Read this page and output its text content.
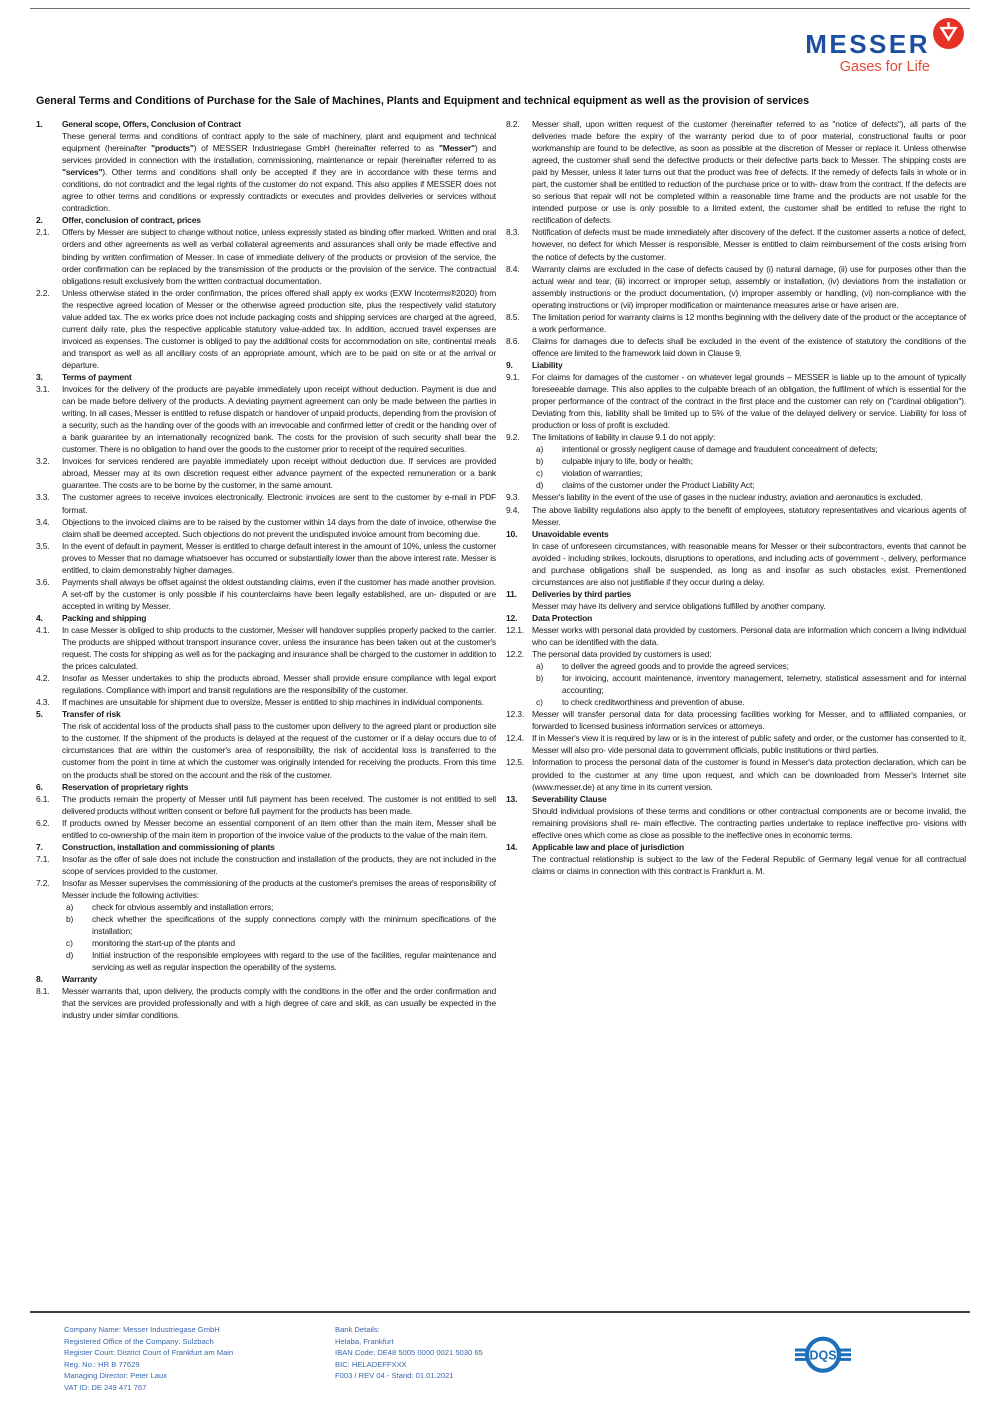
MESSER
Gases for Life
General Terms and Conditions of Purchase for the Sale of Machines, Plants and Equipment and technical equipment as well as the provision of services
1.	General scope, Offers, Conclusion of Contract
These general terms and conditions of contract apply to the sale of machinery, plant and equipment and technical equipment (hereinafter "products") of MESSER Industriegase GmbH (hereinafter referred to as "Messer") and services provided in connection with the installation, commissioning, maintenance or repair (hereinafter referred to as "services"). Other terms and conditions shall only be accepted if they are in accordance with these terms and conditions, do not contradict and the legal rights of the customer do not expand. This also applies if MESSER does not agree to other terms and conditions or expressly contradicts or executes and provides deliveries or services without contradiction.
2.	Offer, conclusion of contract, prices
2.1.	Offers by Messer are subject to change without notice, unless expressly stated as binding offer marked. Written and oral orders and other agreements as well as verbal collateral agreements and assurances shall only be made effective and binding by written confirmation of Messer. In case of immediate delivery of the products or provision of the service, the order confirmation can be replaced by the transmission of the products or the provision of the service. The contractual obligations result exclusively from the written contractual documentation.
2.2.	Unless otherwise stated in the order confirmation, the prices offered shall apply ex works (EXW Incoterms®2020) from the respective agreed location of Messer or the otherwise agreed production site, plus the respectively valid statutory value added tax. The ex works price does not include packaging costs and shipping services are charged at the agreed, current daily rate, plus the respective applicable statutory value-added tax. In addition, accrued travel expenses are invoiced as expenses. The customer is obliged to pay the additional costs for accommodation on site, continental meals and transport as well as all ancillary costs of an appropriate amount, which are to be paid on site or at the arrival or departure.
3.	Terms of payment
3.1.	Invoices for the delivery of the products are payable immediately upon receipt without deduction. Payment is due and can be made before delivery of the products. A deviating payment agreement can only be made between the parties in writing. In all cases, Messer is entitled to refuse dispatch or handover of unpaid products, depending from the provision of a security, such as the handing over of the goods with an irrevocable and confirmed letter of credit or the handing over of a bank guarantee by an internationally recognized bank. The costs for the provision of such security shall bear the customer. There is no obligation to hand over the goods to the customer prior to receipt of the required securities.
3.2.	Invoices for services rendered are payable immediately upon receipt without deduction due. If services are provided abroad, Messer may at its own discretion request either advance payment of the expected remuneration or a bank guarantee. The costs are to be borne by the customer, in the same amount.
3.3.	The customer agrees to receive invoices electronically. Electronic invoices are sent to the customer by e-mail in PDF format.
3.4.	Objections to the invoiced claims are to be raised by the customer within 14 days from the date of invoice, otherwise the claim shall be deemed accepted. Such objections do not prevent the undisputed invoice amount from becoming due.
3.5.	In the event of default in payment, Messer is entitled to charge default interest in the amount of 10%, unless the customer proves to Messer that no damage whatsoever has occurred or substantially lower than the above interest rate. Messer is entitled, to claim demonstrably higher damages.
3.6.	Payments shall always be offset against the oldest outstanding claims, even if the customer has made another provision. A set-off by the customer is only possible if his counterclaims have been legally established, are un- disputed or are accepted in writing by Messer.
4.	Packing and shipping
4.1.	In case Messer is obliged to ship products to the customer, Messer will handover supplies properly packed to the carrier. The products are shipped without transport insurance cover, unless the insurance has been taken out at the customer's request. The costs for shipping as well as for the packaging and insurance shall be charged to the customer in addition to the prices calculated.
4.2.	Insofar as Messer undertakes to ship the products abroad, Messer shall provide ensure compliance with legal export regulations. Compliance with import and transit regulations are the responsibility of the customer.
4.3.	If machines are unsuitable for shipment due to oversize, Messer is entitled to ship machines in individual components.
5.	Transfer of risk
The risk of accidental loss of the products shall pass to the customer upon delivery to the agreed plant or production site to the customer. If the shipment of the products is delayed at the request of the customer or if a delay occurs due to of circumstances that are within the customer's area of responsibility, the risk of accidental loss is transferred to the customer from the point in time at which the customer was originally intended for receiving the products. From this time on the products shall be stored on the account and the risk of the customer.
6.	Reservation of proprietary rights
6.1.	The products remain the property of Messer until full payment has been received. The customer is not entitled to sell delivered products without written consent or before full payment for the products has been made.
6.2.	If products owned by Messer become an essential component of an item other than the main item, Messer shall be entitled to co-ownership of the main item in proportion of the invoice value of the products to the value of the main item.
7.	Construction, installation and commissioning of plants
7.1.	Insofar as the offer of sale does not include the construction and installation of the products, they are not included in the scope of services provided to the customer.
7.2.	Insofar as Messer supervises the commissioning of the products at the customer's premises the areas of responsibility of Messer include the following activities:
a)	check for obvious assembly and installation errors;
b)	check whether the specifications of the supply connections comply with the minimum specifications of the installation;
c)	monitoring the start-up of the plants and
d)	Initial instruction of the responsible employees with regard to the use of the facilities, regular maintenance and servicing as well as regular inspection the operability of the systems.
8.	Warranty
8.1.	Messer warrants that, upon delivery, the products comply with the conditions in the offer and the order confirmation and that the services are provided professionally and with a high degree of care and skill, as can usually be expected in the industry under similar conditions.
8.2.	Messer shall, upon written request of the customer (hereinafter referred to as "notice of defects"), all parts of the deliveries made before the expiry of the warranty period due to of poor material, constructional faults or poor workmanship are found to be defective, as soon as possible at the discretion of Messer or replace it. Unless otherwise agreed, the customer shall send the defective products or their defective parts back to Messer. The shipping costs are paid by Messer, unless it later turns out that the product was free of defects. If the remedy of defects fails in whole or in part, the customer shall be entitled to reduction of the purchase price or to with- draw from the contract. If the defects are so serious that repair will not be completed within a reasonable time frame and the products are not usable for the intended purpose or use is only possible to a limited extent, the customer shall be entitled to refuse the right to rectification of defects.
8.3.	Notification of defects must be made immediately after discovery of the defect. If the customer asserts a notice of defect, however, no defect for which Messer is responsible, Messer is entitled to claim reimbursement of the costs arising from the notice of defects by the customer.
8.4.	Warranty claims are excluded in the case of defects caused by (i) natural damage, (ii) use for purposes other than the actual wear and tear, (iii) incorrect or improper setup, assembly or installation, (iv) deviations from the installation or assembly instructions or the product documentation, (v) improper assembly or handling, (vi) non-compliance with the operating instructions or (vii) improper modification or maintenance measures arise or have arisen are.
8.5.	The limitation period for warranty claims is 12 months beginning with the delivery date of the product or the acceptance of a work performance.
8.6.	Claims for damages due to defects shall be excluded in the event of the existence of statutory the conditions of the offence are limited to the framework laid down in Clause 9.
9.	Liability
9.1.	For claims for damages of the customer - on whatever legal grounds – MESSER is liable up to the amount of typically foreseeable damage. This also applies to the culpable breach of an obligation, the fulfilment of which is essential for the proper performance of the contract of the contract in the first place and the customer can rely on ("cardinal obligation"). Deviating from this, liability shall be limited up to 5% of the value of the delayed delivery or service. Liability for loss of production or loss of profit is excluded.
9.2.	The limitations of liability in clause 9.1 do not apply:
a)	intentional or grossly negligent cause of damage and fraudulent concealment of defects;
b)	culpable injury to life, body or health;
c)	violation of warranties;
d)	claims of the customer under the Product Liability Act;
9.3.	Messer's liability in the event of the use of gases in the nuclear industry, aviation and aeronautics is excluded.
9.4.	The above liability regulations also apply to the benefit of employees, statutory representatives and vicarious agents of Messer.
10.	Unavoidable events
In case of unforeseen circumstances, with reasonable means for Messer or their subcontractors, events that cannot be avoided - including strikes, lockouts, disruptions to operations, and including acts of government -, delivery, performance and purchase obligations shall be suspended, as long as and insofar as such obstacles exist. Prementioned circumstances are also not justifiable if they occur during a delay.
11.	Deliveries by third parties
Messer may have its delivery and service obligations fulfilled by another company.
12.	Data Protection
12.1. Messer works with personal data provided by customers. Personal data are information which concern a living individual who can be identified with the data.
12.2. The personal data provided by customers is used:
a)	to deliver the agreed goods and to provide the agreed services;
b)	for invoicing, account maintenance, inventory management, telemetry, statistical assessment and for internal accounting;
c)	to check creditworthiness and prevention of abuse.
12.3. Messer will transfer personal data for data processing facilities working for Messer, and to affiliated companies, or forwarded to licensed business information services or attorneys.
12.4. If in Messer's view it is required by law or is in the interest of public safety and order, or the customer has consented to it, Messer will also pro- vide personal data to government officials, public institutions or third parties.
12.5. Information to process the personal data of the customer is found in Messer's data protection declaration, which can be provided to the customer at any time upon request, and which can be downloaded from Messer's Internet site (www.messer.de) at any time in its current version.
13.	Severability Clause
Should individual provisions of these terms and conditions or other contractual components are or become invalid, the remaining provisions shall re- main effective. The contracting parties undertake to replace ineffective pro- visions with effective ones which come as close as possible to the ineffective ones in economic terms.
14.	Applicable law and place of jurisdiction
The contractual relationship is subject to the law of the Federal Republic of Germany legal venue for all contractual claims or claims in connection with this contract is Frankfurt a. M.
Company Name: Messer Industriegase GmbH
Registered Office of the Company: Sulzbach
Register Court: District Court of Frankfurt am Main
Reg. No.: HR B 77629
Managing Director: Peter Laux
VAT ID: DE 249 471 767
Bank Details:
Helaba, Frankfurt
IBAN Code: DE48 5005 0000 0021 5030 65
BIC: HELADEFFXXX
F003 / REV 04 - Stand: 01.01.2021
DQS
